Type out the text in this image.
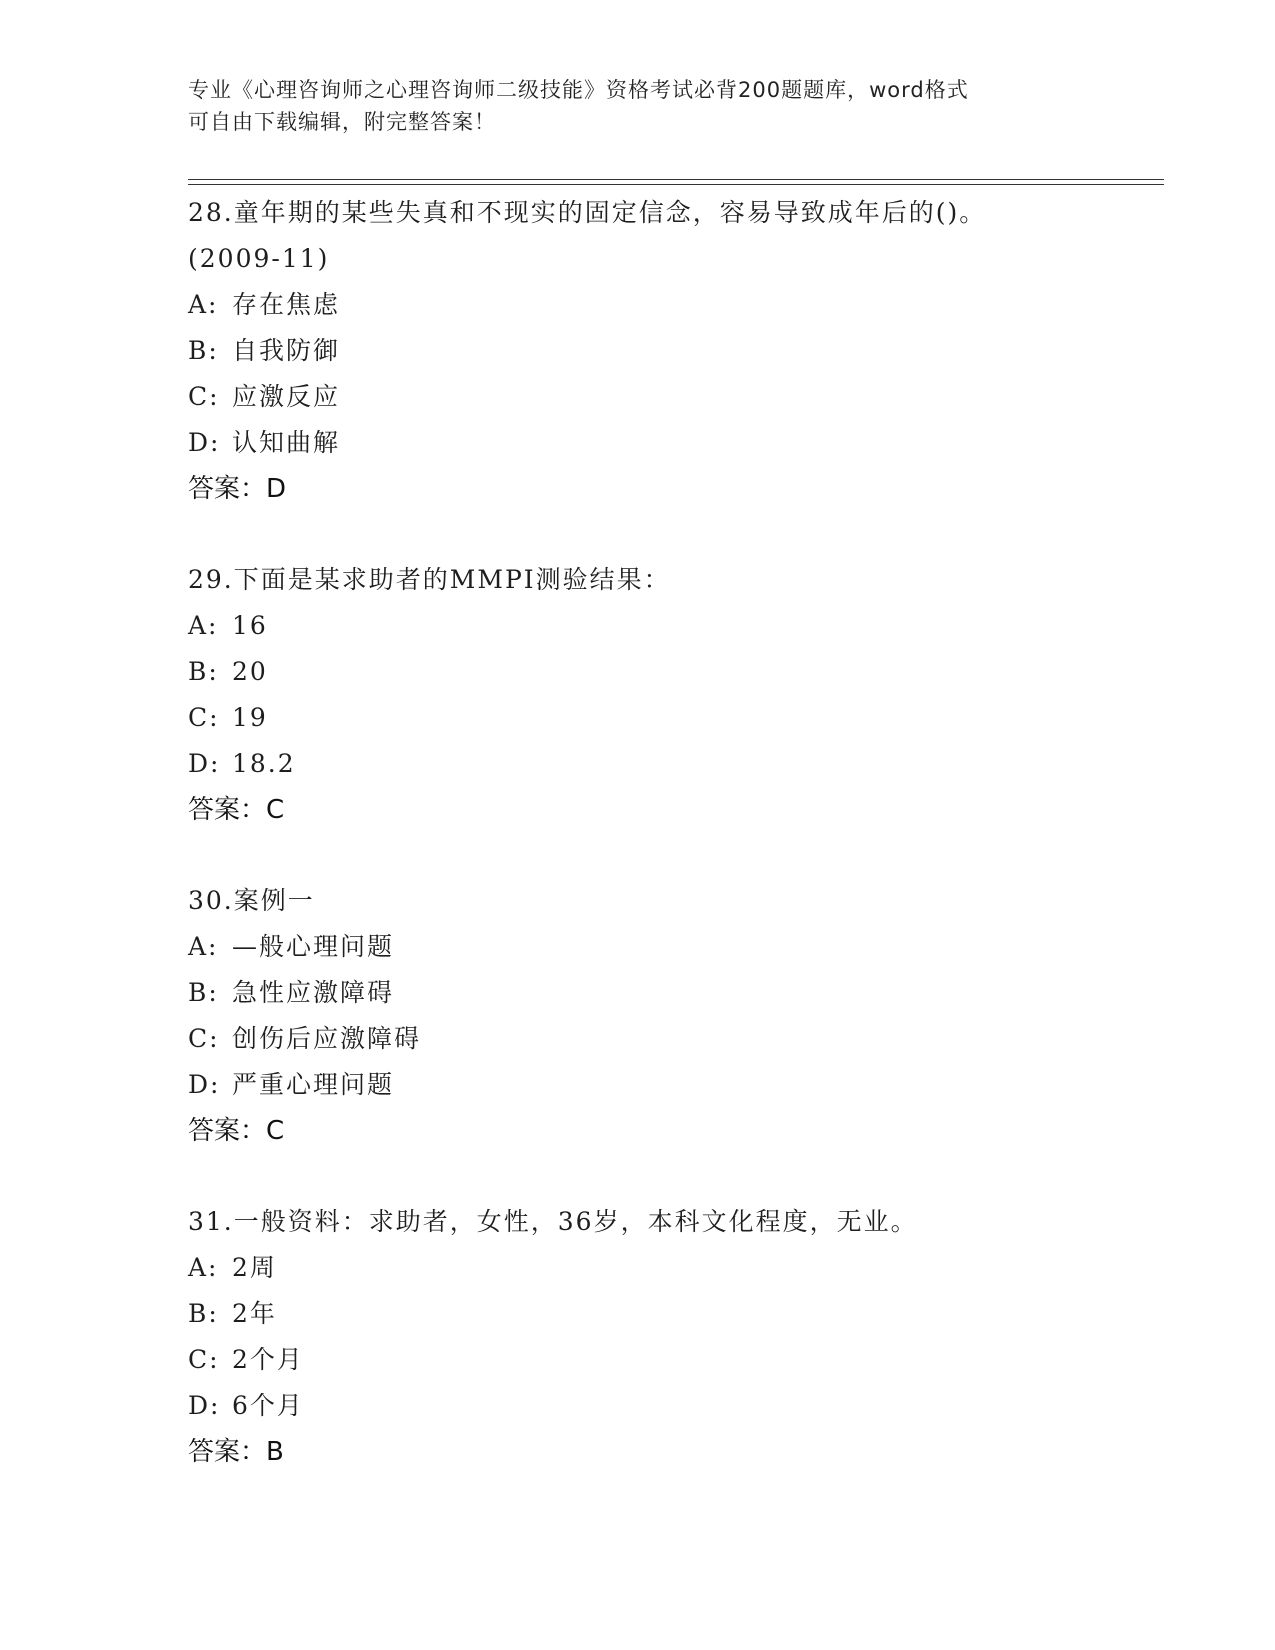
专业《心理咨询师之心理咨询师二级技能》资格考试必背200题题库，word格式
可自由下载编辑，附完整答案！
28.童年期的某些失真和不现实的固定信念，容易导致成年后的()。
(2009-11)
A: 存在焦虑
B: 自我防御
C: 应激反应
D: 认知曲解
答案：D
29.下面是某求助者的MMPI测验结果：
A: 16
B: 20
C: 19
D: 18.2
答案：C
30.案例一
A: —般心理问题
B: 急性应激障碍
C: 创伤后应激障碍
D: 严重心理问题
答案：C
31.一般资料：求助者，女性，36岁，本科文化程度，无业。
A: 2周
B: 2年
C: 2个月
D: 6个月
答案：B
